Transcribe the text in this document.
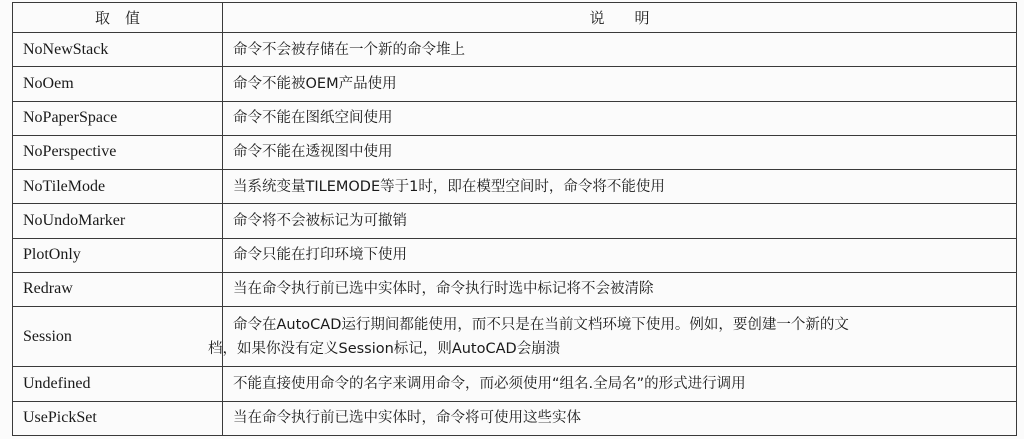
取　值	说　　明
NoNewStack	命令不会被存储在一个新的命令堆上
NoOem	命令不能被OEM产品使用
NoPaperSpace	命令不能在图纸空间使用
NoPerspective	命令不能在透视图中使用
NoTileMode	当系统变量TILEMODE等于1时，即在模型空间时，命令将不能使用
NoUndoMarker	命令将不会被标记为可撤销
PlotOnly	命令只能在打印环境下使用
Redraw	当在命令执行前已选中实体时，命令执行时选中标记将不会被清除
Session	命令在AutoCAD运行期间都能使用，而不只是在当前文档环境下使用。例如，要创建一个新的文
档，如果你没有定义Session标记，则AutoCAD会崩溃

Undefined	不能直接使用命令的名字来调用命令，而必须使用“组名.全局名”的形式进行调用
UsePickSet	当在命令执行前已选中实体时，命令将可使用这些实体
